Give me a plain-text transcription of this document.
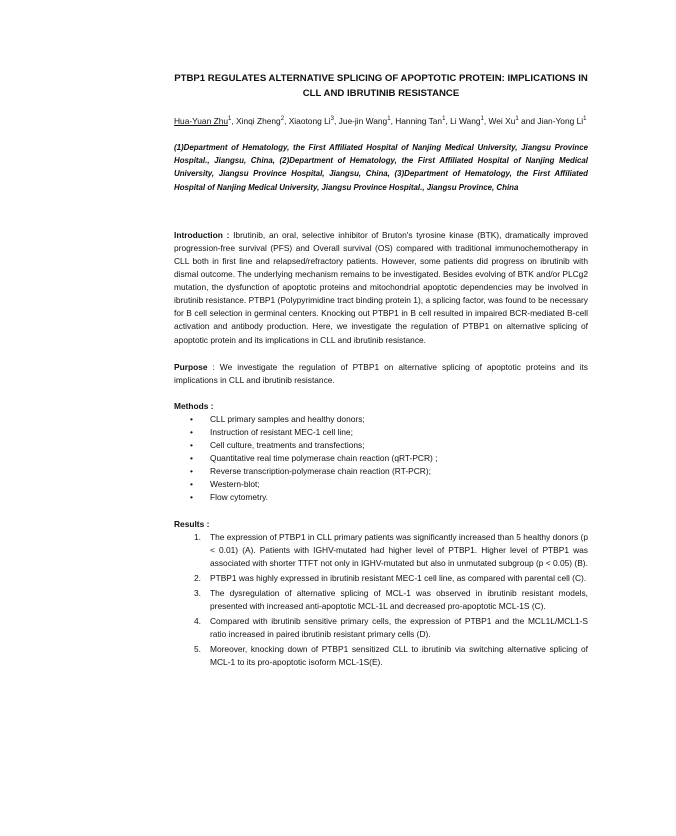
PTBP1 REGULATES ALTERNATIVE SPLICING OF APOPTOTIC PROTEIN: IMPLICATIONS IN CLL AND IBRUTINIB RESISTANCE
Hua-Yuan Zhu$^1$, Xinqi Zheng$^2$, Xiaotong Li$^3$, Jue-jin Wang$^1$, Hanning Tan$^1$, Li Wang$^1$, Wei Xu$^1$ and Jian-Yong Li$^1$
(1)Department of Hematology, the First Affiliated Hospital of Nanjing Medical University, Jiangsu Province Hospital., Jiangsu, China, (2)Department of Hematology, the First Affiliated Hospital of Nanjing Medical University, Jiangsu Province Hospital, Jiangsu, China, (3)Department of Hematology, the First Affiliated Hospital of Nanjing Medical University, Jiangsu Province Hospital., Jiangsu Province, China

Introduction : Ibrutinib, an oral, selective inhibitor of Bruton's tyrosine kinase (BTK), dramatically improved progression-free survival (PFS) and Overall survival (OS) compared with traditional immunochemotherapy in CLL both in first line and relapsed/refractory patients. However, some patients did progress on ibrutinib with dismal outcome. The underlying mechanism remains to be investigated. Besides evolving of BTK and/or PLCg2 mutation, the dysfunction of apoptotic proteins and mitochondrial apoptotic dependencies may be involved in ibrutinib resistance. PTBP1 (Polypyrimidine tract binding protein 1), a splicing factor, was found to be necessary for B cell selection in germinal centers. Knocking out PTBP1 in B cell resulted in impaired BCR-mediated B-cell activation and antibody production. Here, we investigate the regulation of PTBP1 on alternative splicing of apoptotic protein and its implications in CLL and ibrutinib resistance.

Purpose : We investigate the regulation of PTBP1 on alternative splicing of apoptotic proteins and its implications in CLL and ibrutinib resistance.

Methods :
• CLL primary samples and healthy donors;
• Instruction of resistant MEC-1 cell line;
• Cell culture, treatments and transfections;
• Quantitative real time polymerase chain reaction (qRT-PCR) ;
• Reverse transcription-polymerase chain reaction (RT-PCR);
• Western-blot;
• Flow cytometry.
Results :
1. The expression of PTBP1 in CLL primary patients was significantly increased than 5 healthy donors (p < 0.01) (A). Patients with IGHV-mutated had higher level of PTBP1. Higher level of PTBP1 was associated with shorter TTFT not only in IGHV-mutated but also in unmutated subgroup (p < 0.05) (B).
2. PTBP1 was highly expressed in ibrutinib resistant MEC-1 cell line, as compared with parental cell (C).
3. The dysregulation of alternative splicing of MCL-1 was observed in ibrutinib resistant models, presented with increased anti-apoptotic MCL-1L and decreased pro-apoptotic MCL-1S (C).
4. Compared with ibrutinib sensitive primary cells, the expression of PTBP1 and the MCL1L/MCL1-S ratio increased in paired ibrutinib resistant primary cells (D).
5. Moreover, knocking down of PTBP1 sensitized CLL to ibrutinib via switching alternative splicing of MCL-1 to its pro-apoptotic isoform MCL-1S(E).
